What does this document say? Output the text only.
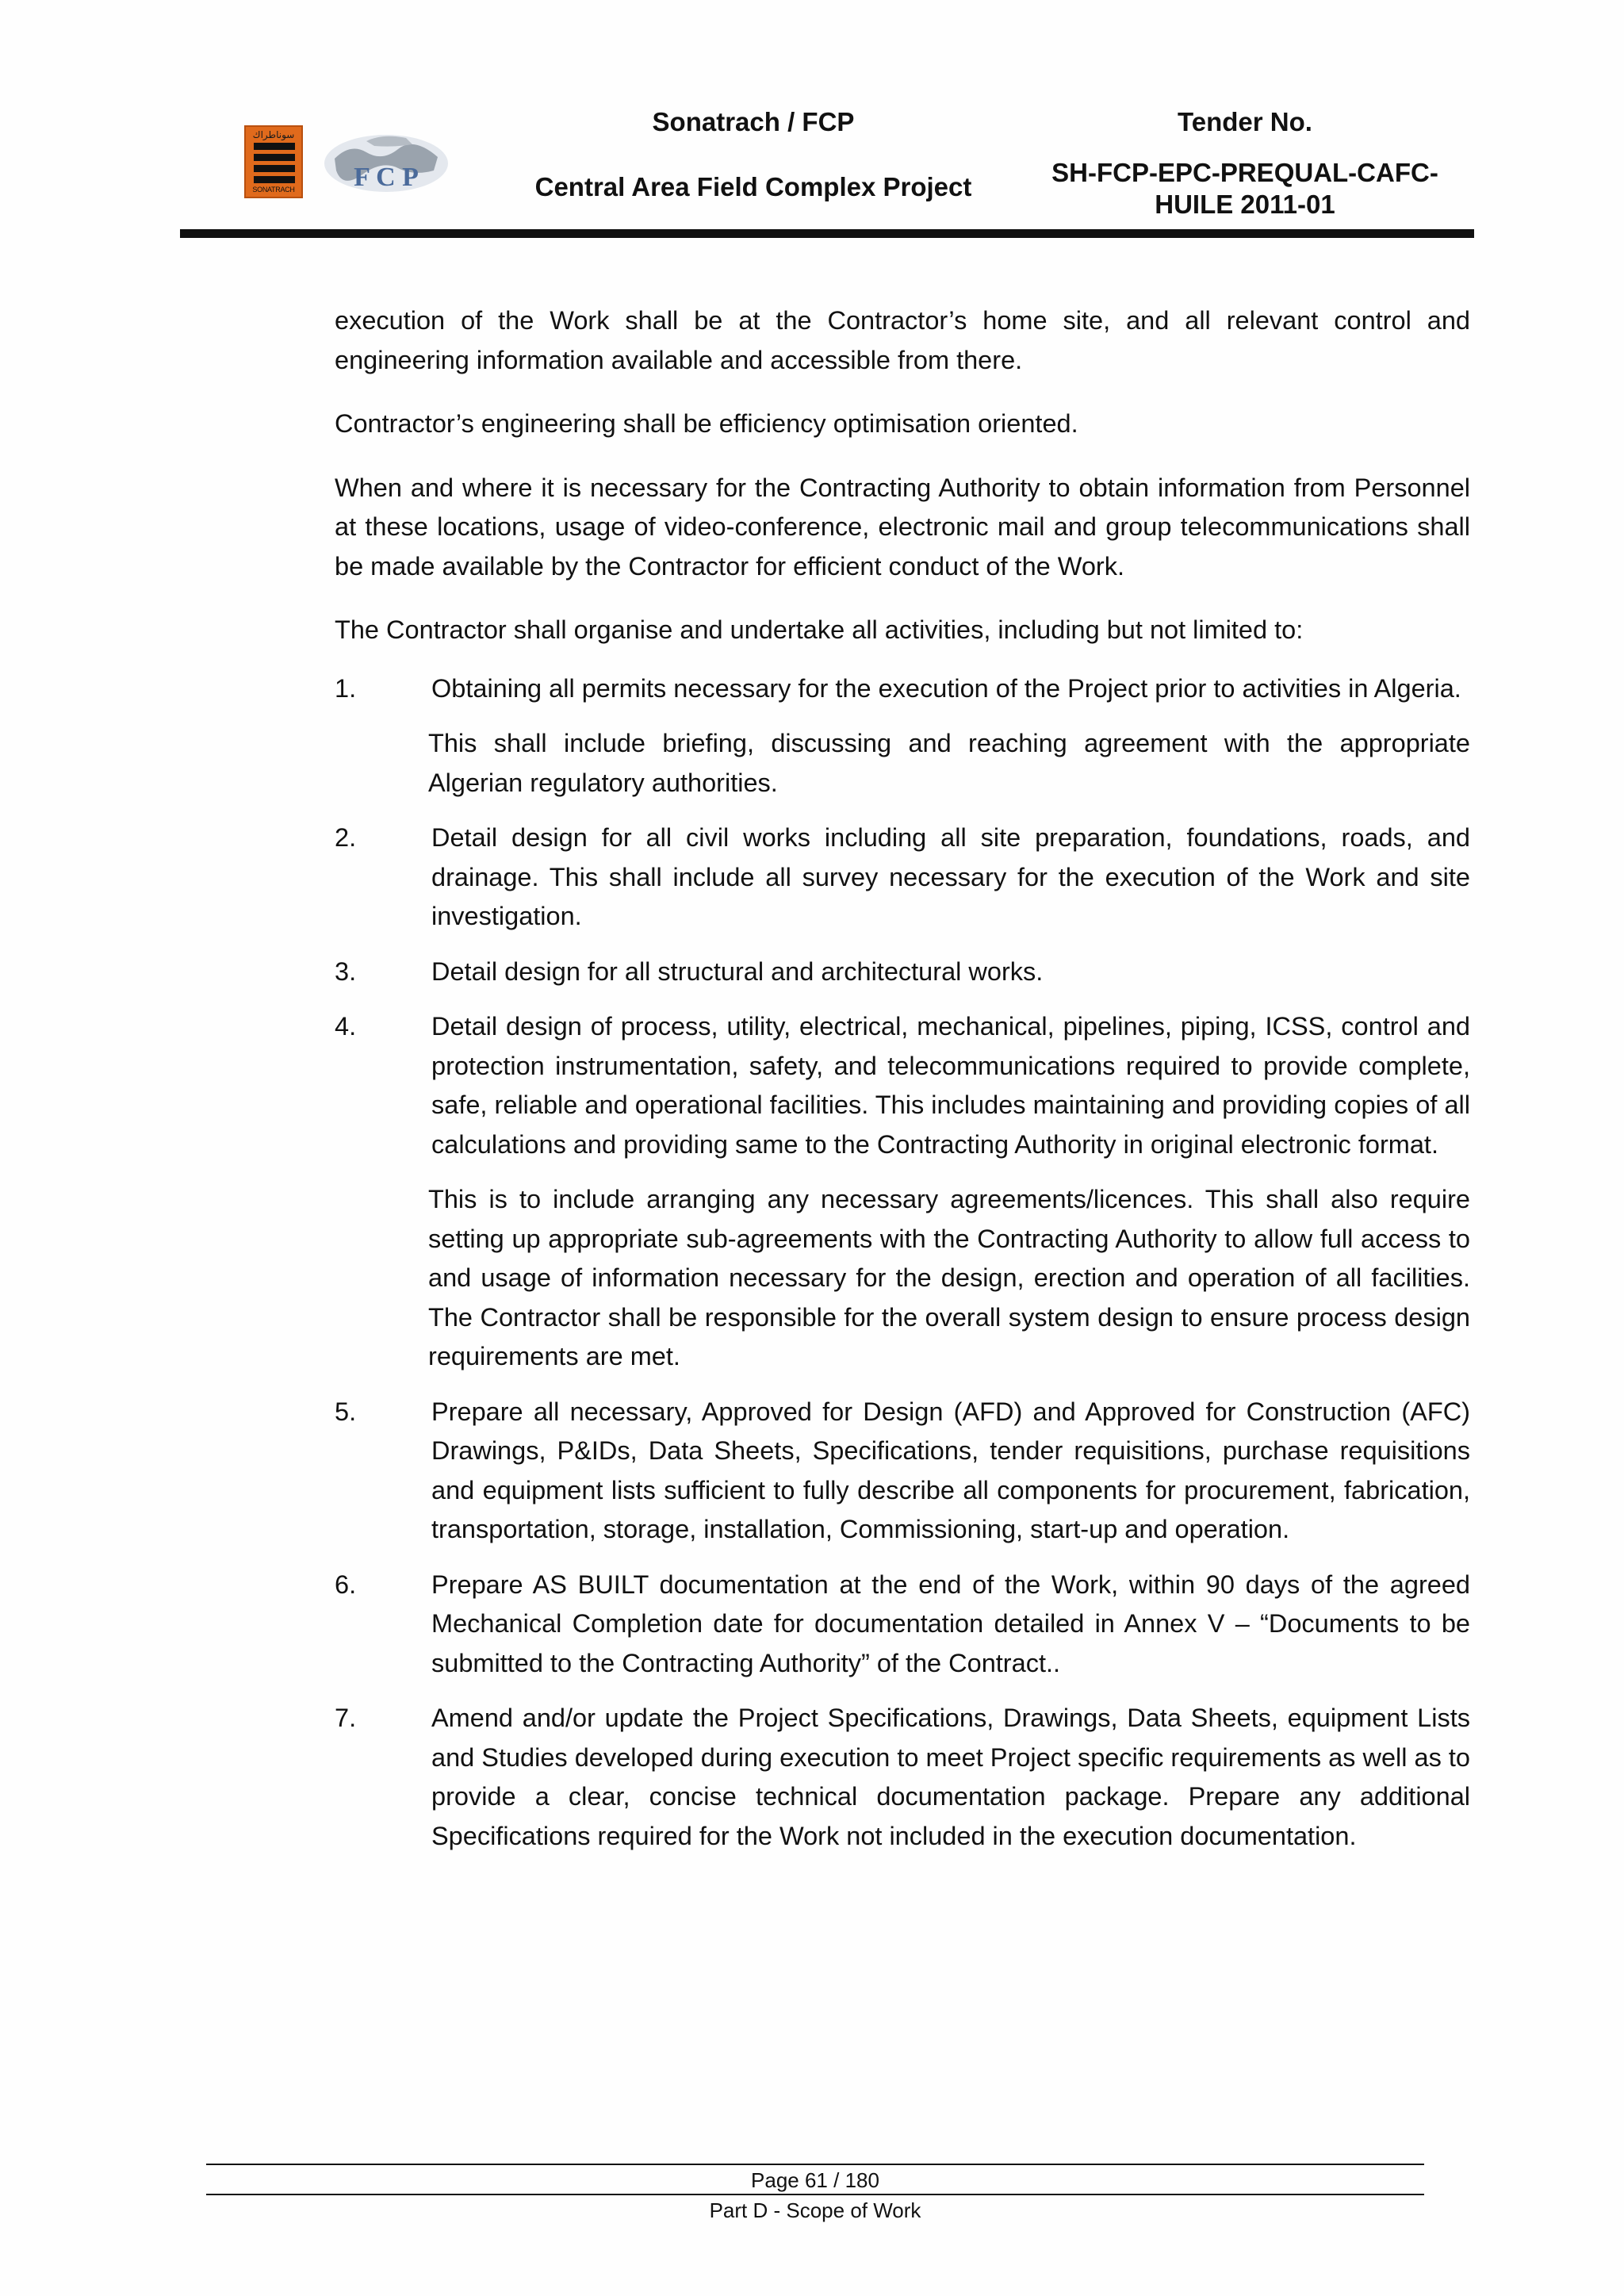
سوناطراك
SONATRACH F C P
Sonatrach / FCP
Central Area Field Complex Project
Tender No.
SH-FCP-EPC-PREQUAL-CAFC-HUILE 2011-01

execution of the Work shall be at the Contractor’s home site, and all relevant control and engineering information available and accessible from there.

Contractor’s engineering shall be efficiency optimisation oriented.

When and where it is necessary for the Contracting Authority to obtain information from Personnel at these locations, usage of video-conference, electronic mail and group telecommunications shall be made available by the Contractor for efficient conduct of the Work.

The Contractor shall organise and undertake all activities, including but not limited to:

1.	Obtaining all permits necessary for the execution of the Project prior to activities in Algeria.

This shall include briefing, discussing and reaching agreement with the appropriate Algerian regulatory authorities.

2.	Detail design for all civil works including all site preparation, foundations, roads, and drainage. This shall include all survey necessary for the execution of the Work and site investigation.
3.	Detail design for all structural and architectural works.
4.	Detail design of process, utility, electrical, mechanical, pipelines, piping, ICSS, control and protection instrumentation, safety, and telecommunications required to provide complete, safe, reliable and operational facilities. This includes maintaining and providing copies of all calculations and providing same to the Contracting Authority in original electronic format.

This is to include arranging any necessary agreements/licences. This shall also require setting up appropriate sub-agreements with the Contracting Authority to allow full access to and usage of information necessary for the design, erection and operation of all facilities. The Contractor shall be responsible for the overall system design to ensure process design requirements are met.

5.	Prepare all necessary, Approved for Design (AFD) and Approved for Construction (AFC) Drawings, P&IDs, Data Sheets, Specifications, tender requisitions, purchase requisitions and equipment lists sufficient to fully describe all components for procurement, fabrication, transportation, storage, installation, Commissioning, start-up and operation.
6.	Prepare AS BUILT documentation at the end of the Work, within 90 days of the agreed Mechanical Completion date for documentation detailed in Annex V – “Documents to be submitted to the Contracting Authority” of the Contract..
7.	Amend and/or update the Project Specifications, Drawings, Data Sheets, equipment Lists and Studies developed during execution to meet Project specific requirements as well as to provide a clear, concise technical documentation package. Prepare any additional Specifications required for the Work not included in the execution documentation.
Page 61 / 180
Part D - Scope of Work
